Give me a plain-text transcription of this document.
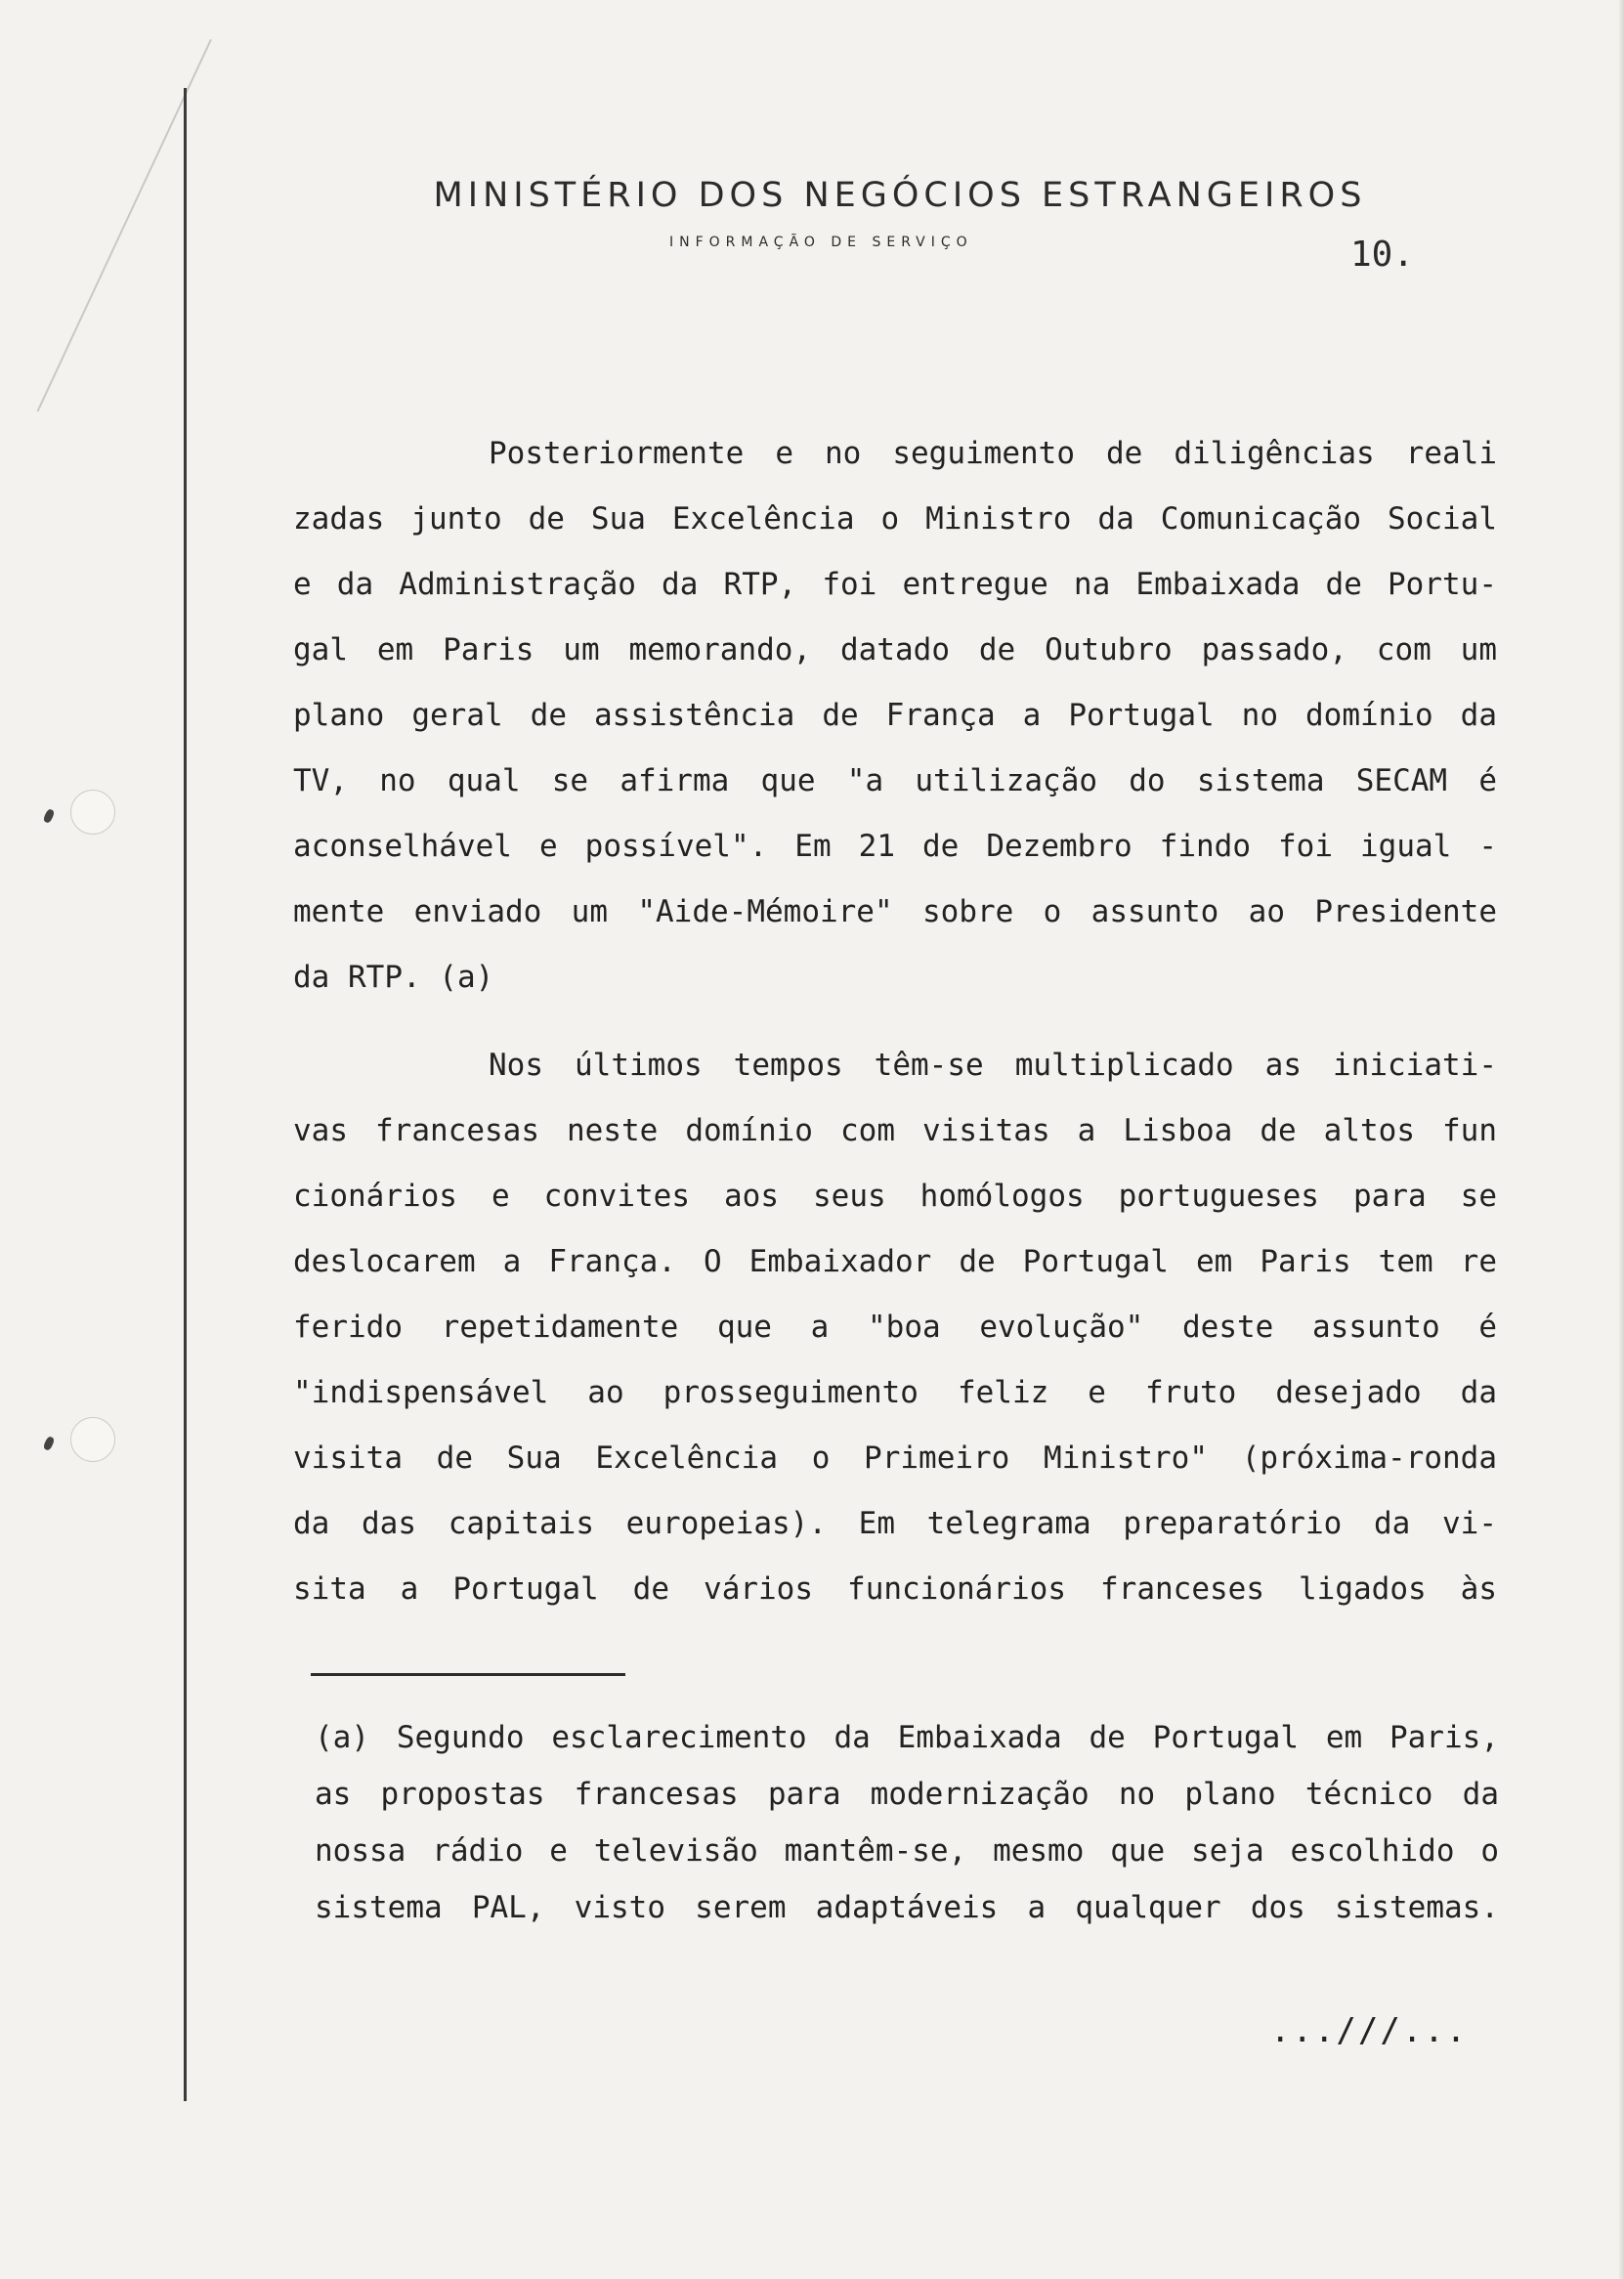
MINISTÉRIO DOS NEGÓCIOS ESTRANGEIROS
INFORMAÇÃO DE SERVIÇO	10.
Posteriormente e no seguimento de diligências reali
zadas junto de Sua Excelência o Ministro da Comunicação Social
e da Administração da RTP, foi entregue na Embaixada de Portu-
gal em Paris um memorando, datado de Outubro passado, com um
plano geral de assistência de França a Portugal no domínio da
TV, no qual se afirma que "a utilização do sistema SECAM é
aconselhável e possível". Em 21 de Dezembro findo foi igual -
mente enviado um "Aide-Mémoire" sobre o assunto ao Presidente
da RTP. (a)
Nos últimos tempos têm-se multiplicado as iniciati-
vas francesas neste domínio com visitas a Lisboa de altos fun
cionários e convites aos seus homólogos portugueses para se
deslocarem a França. O Embaixador de Portugal em Paris tem re
ferido repetidamente que a "boa evolução" deste assunto é
"indispensável ao prosseguimento feliz e fruto desejado da
visita de Sua Excelência o Primeiro Ministro" (próxima-ronda
da das capitais europeias). Em telegrama preparatório da vi-
sita a Portugal de vários funcionários franceses ligados às
(a) Segundo esclarecimento da Embaixada de Portugal em Paris,
as propostas francesas para modernização no plano técnico da
nossa rádio e televisão mantêm-se, mesmo que seja escolhido o
sistema PAL, visto serem adaptáveis a qualquer dos sistemas.
...///...
